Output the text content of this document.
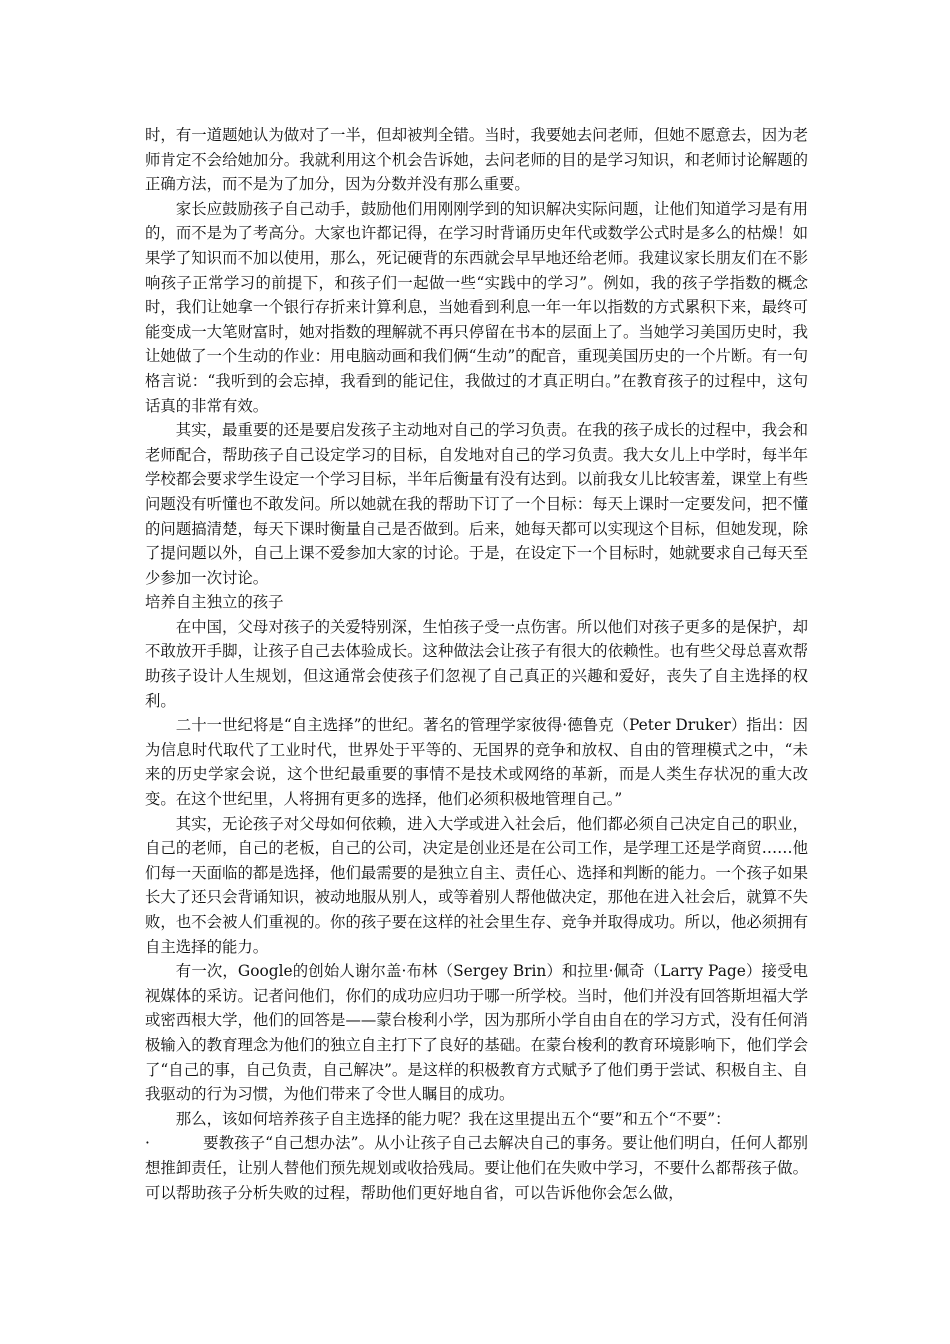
时，有一道题她认为做对了一半，但却被判全错。当时，我要她去问老师，但她不愿意去，因为老师肯定不会给她加分。我就利用这个机会告诉她，去问老师的目的是学习知识，和老师讨论解题的正确方法，而不是为了加分，因为分数并没有那么重要。

家长应鼓励孩子自己动手，鼓励他们用刚刚学到的知识解决实际问题，让他们知道学习是有用的，而不是为了考高分。大家也许都记得，在学习时背诵历史年代或数学公式时是多么的枯燥！如果学了知识而不加以使用，那么，死记硬背的东西就会早早地还给老师。我建议家长朋友们在不影响孩子正常学习的前提下，和孩子们一起做一些“实践中的学习”。例如，我的孩子学指数的概念时，我们让她拿一个银行存折来计算利息，当她看到利息一年一年以指数的方式累积下来，最终可能变成一大笔财富时，她对指数的理解就不再只停留在书本的层面上了。当她学习美国历史时，我让她做了一个生动的作业：用电脑动画和我们俩“生动”的配音，重现美国历史的一个片断。有一句格言说：“我听到的会忘掉，我看到的能记住，我做过的才真正明白。”在教育孩子的过程中，这句话真的非常有效。

其实，最重要的还是要启发孩子主动地对自己的学习负责。在我的孩子成长的过程中，我会和老师配合，帮助孩子自己设定学习的目标，自发地对自己的学习负责。我大女儿上中学时，每半年学校都会要求学生设定一个学习目标，半年后衡量有没有达到。以前我女儿比较害羞，课堂上有些问题没有听懂也不敢发问。所以她就在我的帮助下订了一个目标：每天上课时一定要发问，把不懂的问题搞清楚，每天下课时衡量自己是否做到。后来，她每天都可以实现这个目标，但她发现，除了提问题以外，自己上课不爱参加大家的讨论。于是，在设定下一个目标时，她就要求自己每天至少参加一次讨论。

培养自主独立的孩子

在中国，父母对孩子的关爱特别深，生怕孩子受一点伤害。所以他们对孩子更多的是保护，却不敢放开手脚，让孩子自己去体验成长。这种做法会让孩子有很大的依赖性。也有些父母总喜欢帮助孩子设计人生规划，但这通常会使孩子们忽视了自己真正的兴趣和爱好，丧失了自主选择的权利。

二十一世纪将是“自主选择”的世纪。著名的管理学家彼得·德鲁克（Peter Druker）指出：因为信息时代取代了工业时代，世界处于平等的、无国界的竞争和放权、自由的管理模式之中，“未来的历史学家会说，这个世纪最重要的事情不是技术或网络的革新，而是人类生存状况的重大改变。在这个世纪里，人将拥有更多的选择，他们必须积极地管理自己。”

其实，无论孩子对父母如何依赖，进入大学或进入社会后，他们都必须自己决定自己的职业，自己的老师，自己的老板，自己的公司，决定是创业还是在公司工作，是学理工还是学商贸……他们每一天面临的都是选择，他们最需要的是独立自主、责任心、选择和判断的能力。一个孩子如果长大了还只会背诵知识，被动地服从别人，或等着别人帮他做决定，那他在进入社会后，就算不失败，也不会被人们重视的。你的孩子要在这样的社会里生存、竞争并取得成功。所以，他必须拥有自主选择的能力。

有一次，Google的创始人谢尔盖·布林（Sergey Brin）和拉里·佩奇（Larry Page）接受电视媒体的采访。记者问他们，你们的成功应归功于哪一所学校。当时，他们并没有回答斯坦福大学或密西根大学，他们的回答是——蒙台梭利小学，因为那所小学自由自在的学习方式，没有任何消极输入的教育理念为他们的独立自主打下了良好的基础。在蒙台梭利的教育环境影响下，他们学会了“自己的事，自己负责，自己解决”。是这样的积极教育方式赋予了他们勇于尝试、积极自主、自我驱动的行为习惯，为他们带来了令世人瞩目的成功。

那么，该如何培养孩子自主选择的能力呢？我在这里提出五个“要”和五个“不要”：

·	要教孩子“自己想办法”。从小让孩子自己去解决自己的事务。要让他们明白，任何人都别想推卸责任，让别人替他们预先规划或收拾残局。要让他们在失败中学习，不要什么都帮孩子做。可以帮助孩子分析失败的过程，帮助他们更好地自省，可以告诉他你会怎么做，
